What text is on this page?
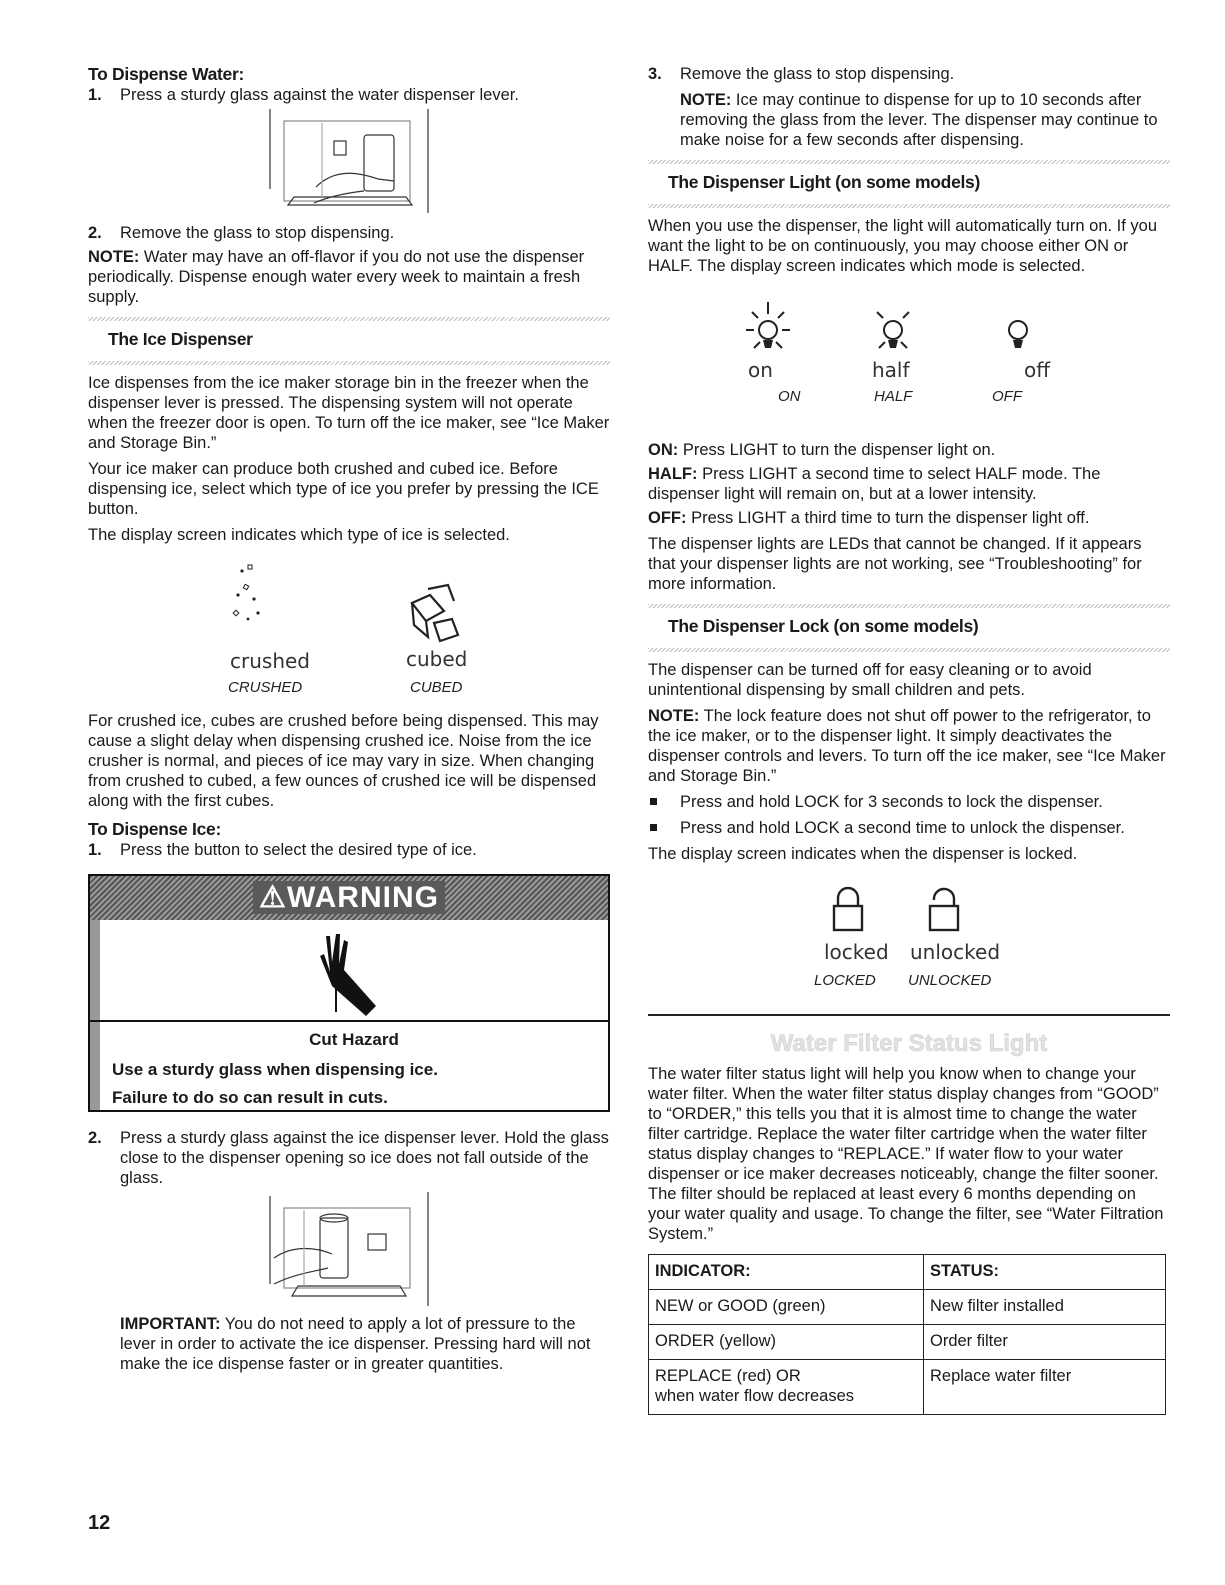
To Dispense Water:
1. Press a sturdy glass against the water dispenser lever.
2. Remove the glass to stop dispensing.

NOTE: Water may have an off-flavor if you do not use the dispenser periodically. Dispense enough water every week to maintain a fresh supply.

The Ice Dispenser

Ice dispenses from the ice maker storage bin in the freezer when the dispenser lever is pressed. The dispensing system will not operate when the freezer door is open. To turn off the ice maker, see “Ice Maker and Storage Bin.”

Your ice maker can produce both crushed and cubed ice. Before dispensing ice, select which type of ice you prefer by pressing the ICE button.

The display screen indicates which type of ice is selected.

crushed	cubed
CRUSHED	CUBED

For crushed ice, cubes are crushed before being dispensed. This may cause a slight delay when dispensing crushed ice. Noise from the ice crusher is normal, and pieces of ice may vary in size. When changing from crushed to cubed, a few ounces of crushed ice will be dispensed along with the first cubes.

To Dispense Ice:
1. Press the button to select the desired type of ice.
⚠WARNING
Cut Hazard
Use a sturdy glass when dispensing ice.
Failure to do so can result in cuts.
2. Press a sturdy glass against the ice dispenser lever. Hold the glass close to the dispenser opening so ice does not fall outside of the glass.

IMPORTANT: You do not need to apply a lot of pressure to the lever in order to activate the ice dispenser. Pressing hard will not make the ice dispense faster or in greater quantities.

3. Remove the glass to stop dispensing.

NOTE: Ice may continue to dispense for up to 10 seconds after removing the glass from the lever. The dispenser may continue to make noise for a few seconds after dispensing.

The Dispenser Light (on some models)

When you use the dispenser, the light will automatically turn on. If you want the light to be on continuously, you may choose either ON or HALF. The display screen indicates which mode is selected.

on	half	off
ON	HALF	OFF

ON: Press LIGHT to turn the dispenser light on.

HALF: Press LIGHT a second time to select HALF mode. The dispenser light will remain on, but at a lower intensity.

OFF: Press LIGHT a third time to turn the dispenser light off.

The dispenser lights are LEDs that cannot be changed. If it appears that your dispenser lights are not working, see “Troubleshooting” for more information.

The Dispenser Lock (on some models)

The dispenser can be turned off for easy cleaning or to avoid unintentional dispensing by small children and pets.

NOTE: The lock feature does not shut off power to the refrigerator, to the ice maker, or to the dispenser light. It simply deactivates the dispenser controls and levers. To turn off the ice maker, see “Ice Maker and Storage Bin.”

Press and hold LOCK for 3 seconds to lock the dispenser.
Press and hold LOCK a second time to unlock the dispenser.

The display screen indicates when the dispenser is locked.

locked unlocked
LOCKED UNLOCKED
Water Filter Status Light

The water filter status light will help you know when to change your water filter. When the water filter status display changes from “GOOD” to “ORDER,” this tells you that it is almost time to change the water filter cartridge. Replace the water filter cartridge when the water filter status display changes to “REPLACE.” If water flow to your water dispenser or ice maker decreases noticeably, change the filter sooner. The filter should be replaced at least every 6 months depending on your water quality and usage. To change the filter, see “Water Filtration System.”

INDICATOR:	STATUS:
NEW or GOOD (green)	New filter installed
ORDER (yellow)	Order filter
REPLACE (red) OR
when water flow decreases	Replace water filter
12
